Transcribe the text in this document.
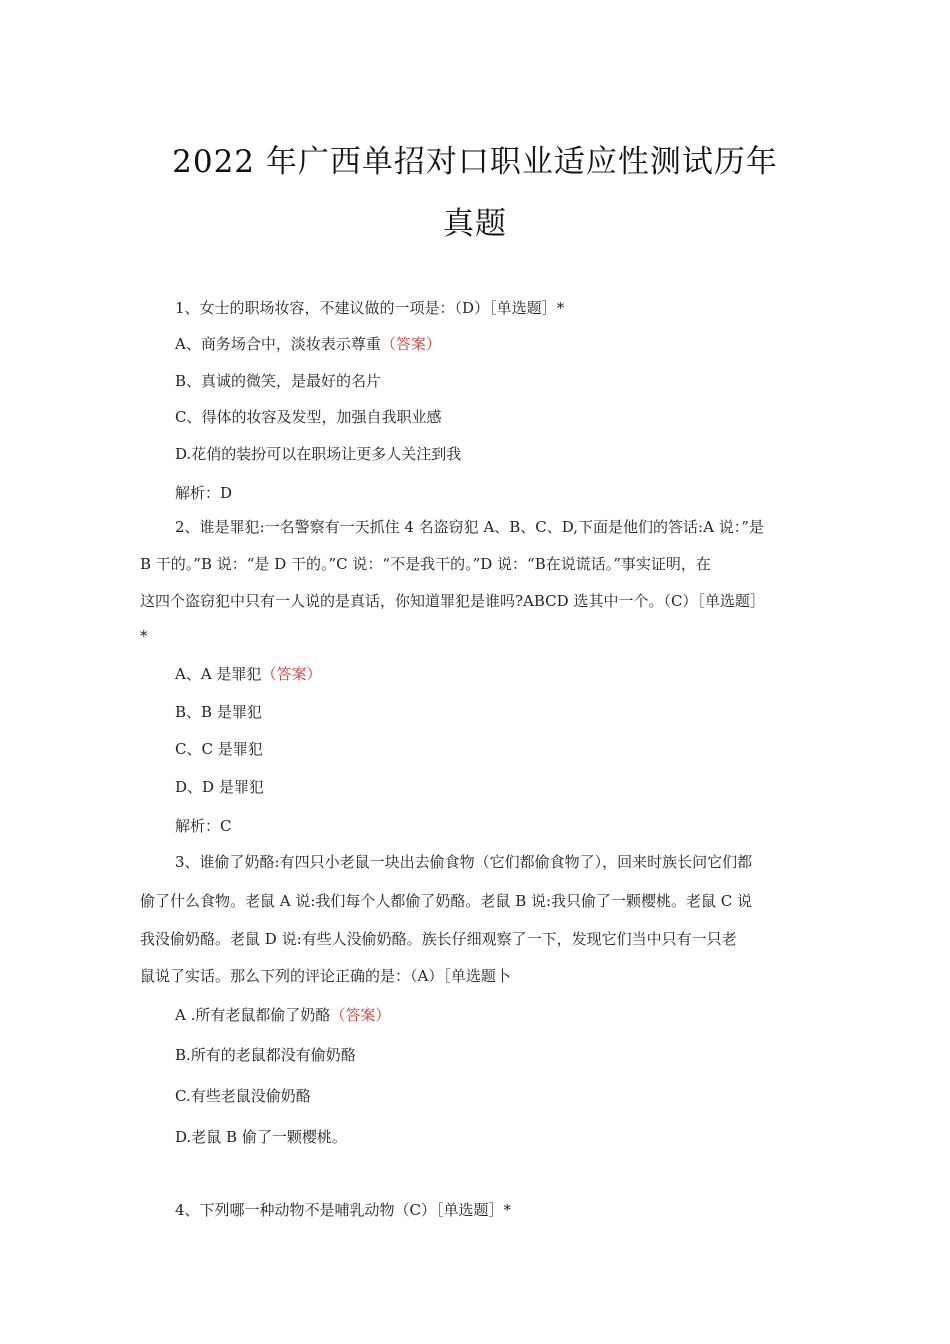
2022 年广西单招对口职业适应性测试历年
真题
1、女士的职场妆容，不建议做的一项是：（D）［单选题］*
A、商务场合中，淡妆表示尊重（答案）
B、真诚的微笑，是最好的名片
C、得体的妆容及发型，加强自我职业感
D.花俏的装扮可以在职场让更多人关注到我
解析：D
2、谁是罪犯:一名警察有一天抓住 4 名盗窃犯 A、B、C、D,下面是他们的答话:A 说：”是
B 干的。”B 说：“是 D 干的。”C 说：“不是我干的。”D 说：“B在说谎话。”事实证明，在
这四个盗窃犯中只有一人说的是真话，你知道罪犯是谁吗?ABCD 选其中一个。（C）［单选题］
*
A、A 是罪犯（答案）
B、B 是罪犯
C、C 是罪犯
D、D 是罪犯
解析：C
3、谁偷了奶酪:有四只小老鼠一块出去偷食物（它们都偷食物了），回来时族长问它们都
偷了什么食物。老鼠 A 说:我们每个人都偷了奶酪。老鼠 B 说:我只偷了一颗樱桃。老鼠 C 说
我没偷奶酪。老鼠 D 说:有些人没偷奶酪。族长仔细观察了一下，发现它们当中只有一只老
鼠说了实话。那么下列的评论正确的是：（A）［单选题卜
A .所有老鼠都偷了奶酪（答案）
B.所有的老鼠都没有偷奶酪
C.有些老鼠没偷奶酪
D.老鼠 B 偷了一颗樱桃。
4、下列哪一种动物不是哺乳动物（C）［单选题］*
